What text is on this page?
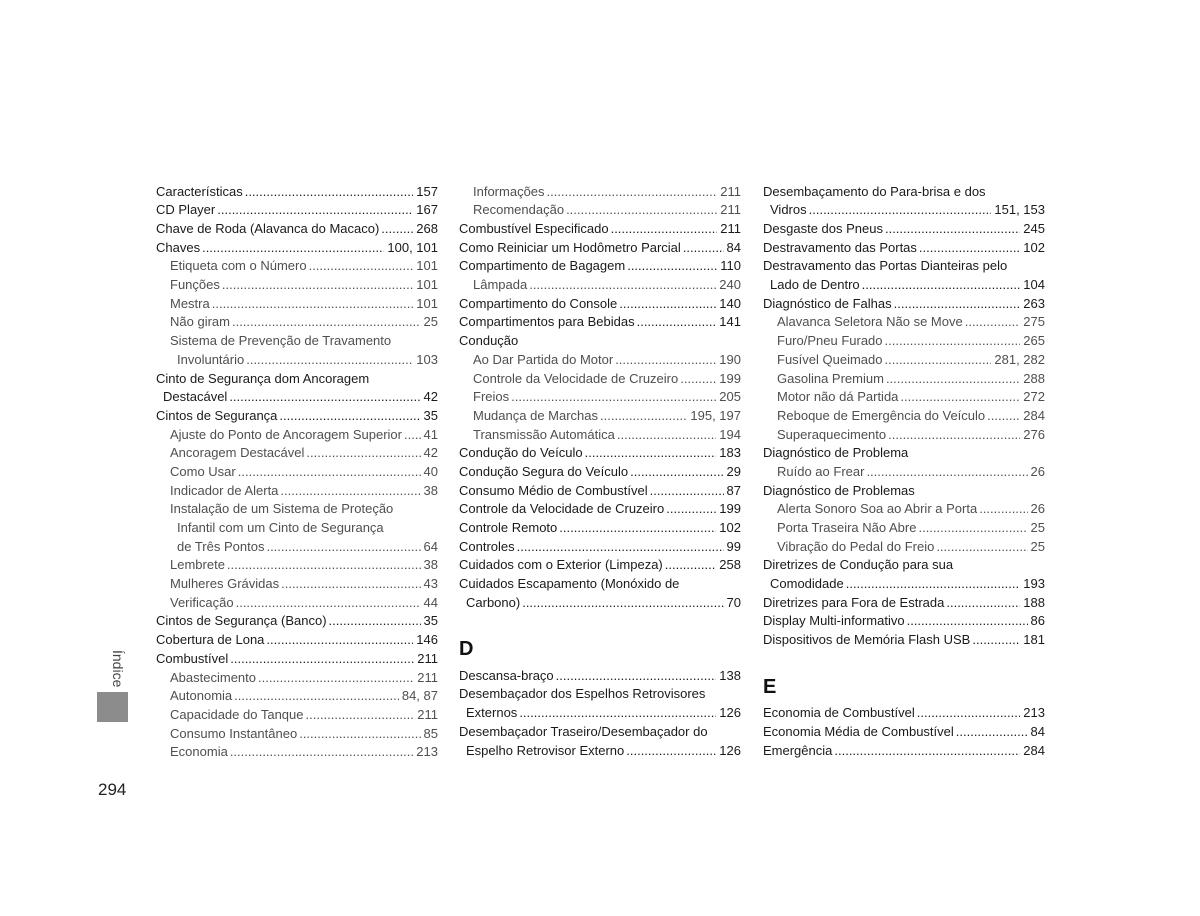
Características .....	157
CD Player .....	167
Chave de Roda (Alavanca do Macaco) .....	268
Chaves .....	100, 101
Etiqueta com o Número .....	101
Funções .....	101
Mestra .....	101
Não giram .....	25
Sistema de Prevenção de Travamento
Involuntário .....	103
Cinto de Segurança dom Ancoragem
Destacável .....	42
Cintos de Segurança .....	35
Ajuste do Ponto de Ancoragem Superior ..... 41
Ancoragem Destacável .....	42
Como Usar .....	40
Indicador de Alerta .....	38
Instalação de um Sistema de Proteção
Infantil com um Cinto de Segurança
de Três Pontos .....	64
Lembrete .....	38
Mulheres Grávidas .....	43
Verificação .....	44
Cintos de Segurança (Banco) .....	35
Cobertura de Lona .....	146
Combustível .....	211
Abastecimento .....	211
Autonomia .....	84, 87
Capacidade do Tanque .....	211
Consumo Instantâneo .....	85
Economia .....	213
Informações .....	211
Recomendação .....	211
Combustível Especificado .....	211
Como Reiniciar um Hodômetro Parcial .....	84
Compartimento de Bagagem .....	110
Lâmpada .....	240
Compartimento do Console .....	140
Compartimentos para Bebidas .....	141
Condução
Ao Dar Partida do Motor .....	190
Controle da Velocidade de Cruzeiro .....	199
Freios .....	205
Mudança de Marchas .....	195, 197
Transmissão Automática .....	194
Condução do Veículo .....	183
Condução Segura do Veículo .....	29
Consumo Médio de Combustível .....	87
Controle da Velocidade de Cruzeiro .....	199
Controle Remoto .....	102
Controles .....	99
Cuidados com o Exterior (Limpeza) .....	258
Cuidados Escapamento (Monóxido de
Carbono) .....	70
D
Descansa-braço .....	138
Desembaçador dos Espelhos Retrovisores
Externos .....	126
Desembaçador Traseiro/Desembaçador do
Espelho Retrovisor Externo .....	126
Desembaçamento do Para-brisa e dos
Vidros .....	151, 153
Desgaste dos Pneus .....	245
Destravamento das Portas .....	102
Destravamento das Portas Dianteiras pelo
Lado de Dentro .....	104
Diagnóstico de Falhas .....	263
Alavanca Seletora Não se Move .....	275
Furo/Pneu Furado .....	265
Fusível Queimado .....	281, 282
Gasolina Premium .....	288
Motor não dá Partida .....	272
Reboque de Emergência do Veículo .....	284
Superaquecimento .....	276
Diagnóstico de Problema
Ruído ao Frear .....	26
Diagnóstico de Problemas
Alerta Sonoro Soa ao Abrir a Porta .....	26
Porta Traseira Não Abre .....	25
Vibração do Pedal do Freio .....	25
Diretrizes de Condução para sua
Comodidade .....	193
Diretrizes para Fora de Estrada .....	188
Display Multi-informativo .....	86
Dispositivos de Memória Flash USB .....	181
E
Economia de Combustível .....	213
Economia Média de Combustível .....	84
Emergência .....	284
Índice
294
